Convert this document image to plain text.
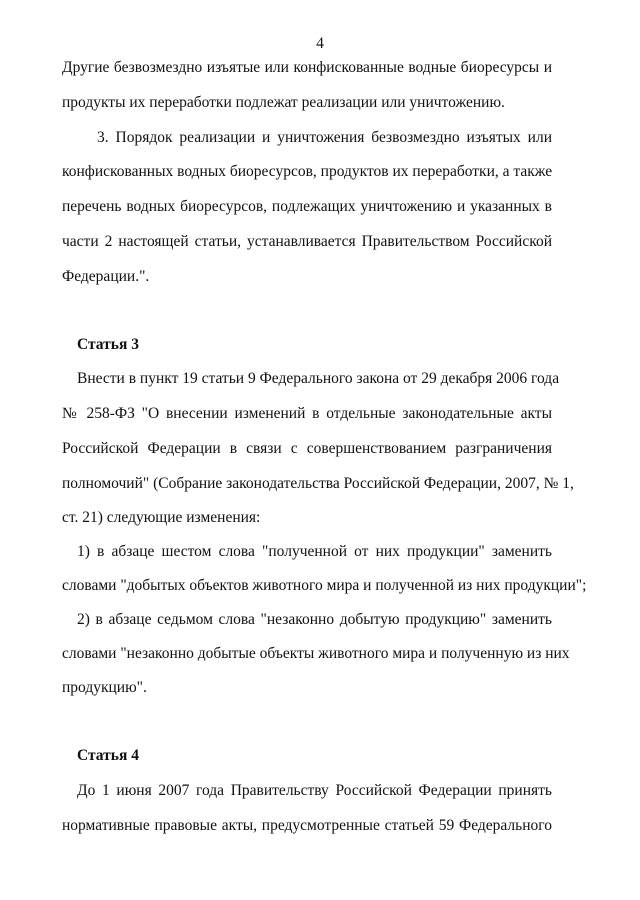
4
Другие безвозмездно изъятые или конфискованные водные биоресурсы и
продукты их переработки подлежат реализации или уничтожению.
3. Порядок реализации и уничтожения безвозмездно изъятых или
конфискованных водных биоресурсов, продуктов их переработки, а также
перечень водных биоресурсов, подлежащих уничтожению и указанных в
части 2 настоящей статьи, устанавливается Правительством Российской
Федерации.".
Статья 3
Внести в пункт 19 статьи 9 Федерального закона от 29 декабря 2006 года
№ 258-ФЗ "О внесении изменений в отдельные законодательные акты
Российской Федерации в связи с совершенствованием разграничения
полномочий" (Собрание законодательства Российской Федерации, 2007, № 1,
ст. 21) следующие изменения:
1) в абзаце шестом слова "полученной от них продукции" заменить
словами "добытых объектов животного мира и полученной из них продукции";
2) в абзаце седьмом слова "незаконно добытую продукцию" заменить
словами "незаконно добытые объекты животного мира и полученную из них
продукцию".
Статья 4
До 1 июня 2007 года Правительству Российской Федерации принять
нормативные правовые акты, предусмотренные статьей 59 Федерального
